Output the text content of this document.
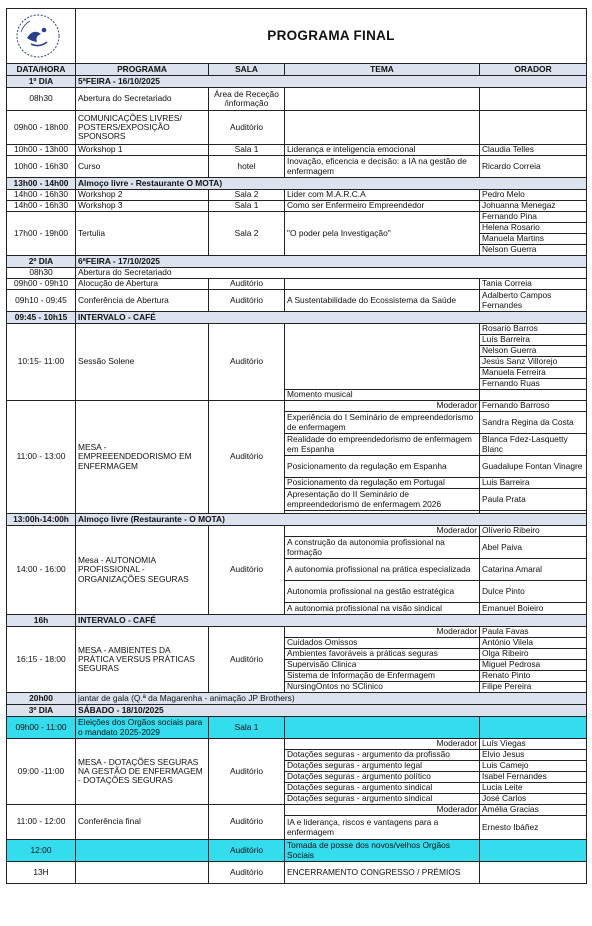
	PROGRAMA FINAL			
DATA/HORA	PROGRAMA	SALA	TEMA	ORADOR
1º DIA	5ªFEIRA - 16/10/2025			
08h30	Abertura do Secretariado	Área de Receção /informação		
09h00 - 18h00	COMUNICAÇÕES LIVRES/ POSTERS/EXPOSIÇÃO SPONSORS	Auditório		
10h00 - 13h00	Workshop 1	Sala 1	Liderança e inteligencia emocional	Claudia Telles
10h00 - 16h30	Curso	hotel	Inovação, eficencia e decisão: a IA na gestão de enfermagem	Ricardo Correia
13h00 - 14h00	Almoço livre - Restaurante O MOTA)			
14h00 - 16h30	Workshop 2	Sala 2	Lider com M.A.R.C.A	Pedro Melo
14h00 - 16h30	Workshop 3	Sala 1	Como ser Enfermeiro Empreendedor	Johuanna Menegaz
17h00 - 19h00	Tertulia	Sala 2	"O poder pela Investigação"	Fernando Pina
				Helena Rosario
				Manuela Martins
				Nelson Guerra
2º DIA	6ªFEIRA - 17/10/2025			
08h30	Abertura do Secretariado			
09h00 - 09h10	Alocução de Abertura	Auditório		Tania Correia
09h10 - 09:45	Conferência de Abertura	Auditório	A Sustentabilidade do Ecossistema da Saúde	Adalberto Campos Fernandes
09:45 - 10h15	INTERVALO - CAFÉ			
10:15- 11:00	Sessão Solene	Auditório		Rosario Barros
				Luís Barreira
				Nelson Guerra
				Jesús Sanz Villorejo
				Manuela Ferreira
				Fernando Ruas
			Momento musical	
11:00 - 13:00	MESA - EMPREEENDEDORISMO EM ENFERMAGEM	Auditório	Moderador	Fernando Barroso
			Experiência do I Seminário de empreendedorismo de enfermagem	Sandra Regina da Costa
			Realidade do empreendedorismo de enfermagem em Espanha	Blanca Fdez-Lasquetty Blanc
			Posicionamento da regulação em Espanha	Guadalupe Fontan Vinagre
			Posicionamento da regulação em Portugal	Luis Barreira
			Apresentação do II Seminário de empreendedorismo de enfermagem 2026	Paula Prata

13:00h-14:00h	Almoço livre (Restaurante - O MOTA)			
14:00 - 16:00	Mesa - AUTONOMIA PROFISSIONAL - ORGANIZAÇÕES SEGURAS	Auditório	Moderador	Olíverio Ribeiro
			A construção da autonomia profissional na formação	Abel Paiva
			A autonomia profissional na prática especializada	Catarina Amaral
			Autonomia profissional na gestão estratégica	Dulce Pinto
			A autonomia profissional na visão sindical	Emanuel Boieiro
16h	INTERVALO - CAFÉ			
16:15 - 18:00	MESA - AMBIENTES DA PRÁTICA VERSUS PRÁTICAS SEGURAS	Auditório	Moderador	Paula Favas
			Cuidados Omissos	António Vilela
			Ambientes favoráveis a práticas seguras	Olga Ribeiro
			Supervisão Clinica	Miguel Pedrosa
			Sistema de Informação de Enfermagem	Renato Pinto
			NursingOntos no SClinico	Filipe Pereira
20h00	jantar de gala (Q.ª da Magarenha - animação JP Brothers)			
3º DIA	SÁBADO - 18/10/2025			
09h00 - 11:00	Eleições dos Orgãos sociais para o mandato 2025-2029	Sala 1		
09:00 -11:00	MESA - DOTAÇÕES SEGURAS NA GESTÃO DE ENFERMAGEM - DOTAÇÕES SEGURAS	Auditório	Moderador	Luís Viegas
			Dotações seguras - argumento da profissão	Elvio Jesus
			Dotações seguras - argumento legal	Luis Camejo
			Dotações seguras - argumento político	Isabel Fernandes
			Dotações seguras - argumento sindical	Lucia Leite
			Dotações seguras - argumento sindical	José Carlos
11:00 - 12:00	Conferência final	Auditório	Moderador	Amélia Gracias
			IA e liderança, riscos e vantagens para a enfermagem	Ernesto Ibáñez
12:00		Auditório	Tomada de posse dos novos/velhos Orgãos Sociais	
13H		Auditório	ENCERRAMENTO CONGRESSO / PRÉMIOS	
